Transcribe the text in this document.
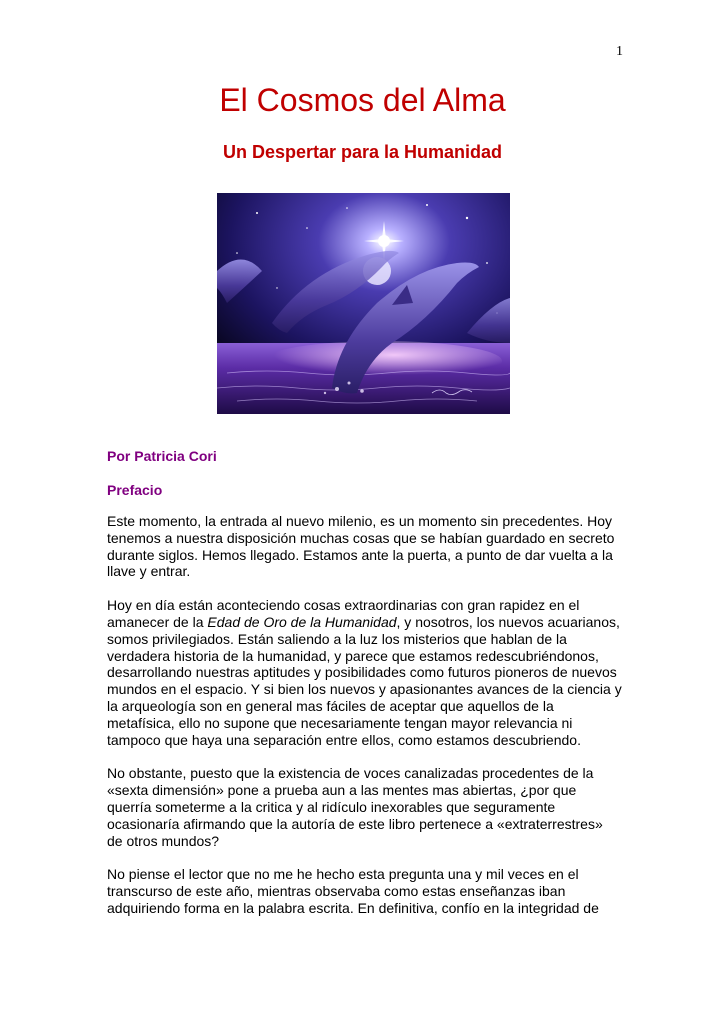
1
El Cosmos del Alma
Un Despertar para la Humanidad
Por Patricia Cori
Prefacio

Este momento, la entrada al nuevo milenio, es un momento sin precedentes. Hoy tenemos a nuestra disposición muchas cosas que se habían guardado en secreto durante siglos. Hemos llegado. Estamos ante la puerta, a punto de dar vuelta a la llave y entrar.

Hoy en día están aconteciendo cosas extraordinarias con gran rapidez en el amanecer de la Edad de Oro de la Humanidad, y nosotros, los nuevos acuarianos, somos privilegiados. Están saliendo a la luz los misterios que hablan de la verdadera historia de la humanidad, y parece que estamos redescubriéndonos, desarrollando nuestras aptitudes y posibilidades como futuros pioneros de nuevos mundos en el espacio. Y si bien los nuevos y apasionantes avances de la ciencia y la arqueología son en general mas fáciles de aceptar que aquellos de la metafísica, ello no supone que necesariamente tengan mayor relevancia ni tampoco que haya una separación entre ellos, como estamos descubriendo.

No obstante, puesto que la existencia de voces canalizadas procedentes de la «sexta dimensión» pone a prueba aun a las mentes mas abiertas, ¿por que querría someterme a la critica y al ridículo inexorables que seguramente ocasionaría afirmando que la autoría de este libro pertenece a «extraterrestres» de otros mundos?

No piense el lector que no me he hecho esta pregunta una y mil veces en el transcurso de este año, mientras observaba como estas enseñanzas iban adquiriendo forma en la palabra escrita. En definitiva, confío en la integridad de
